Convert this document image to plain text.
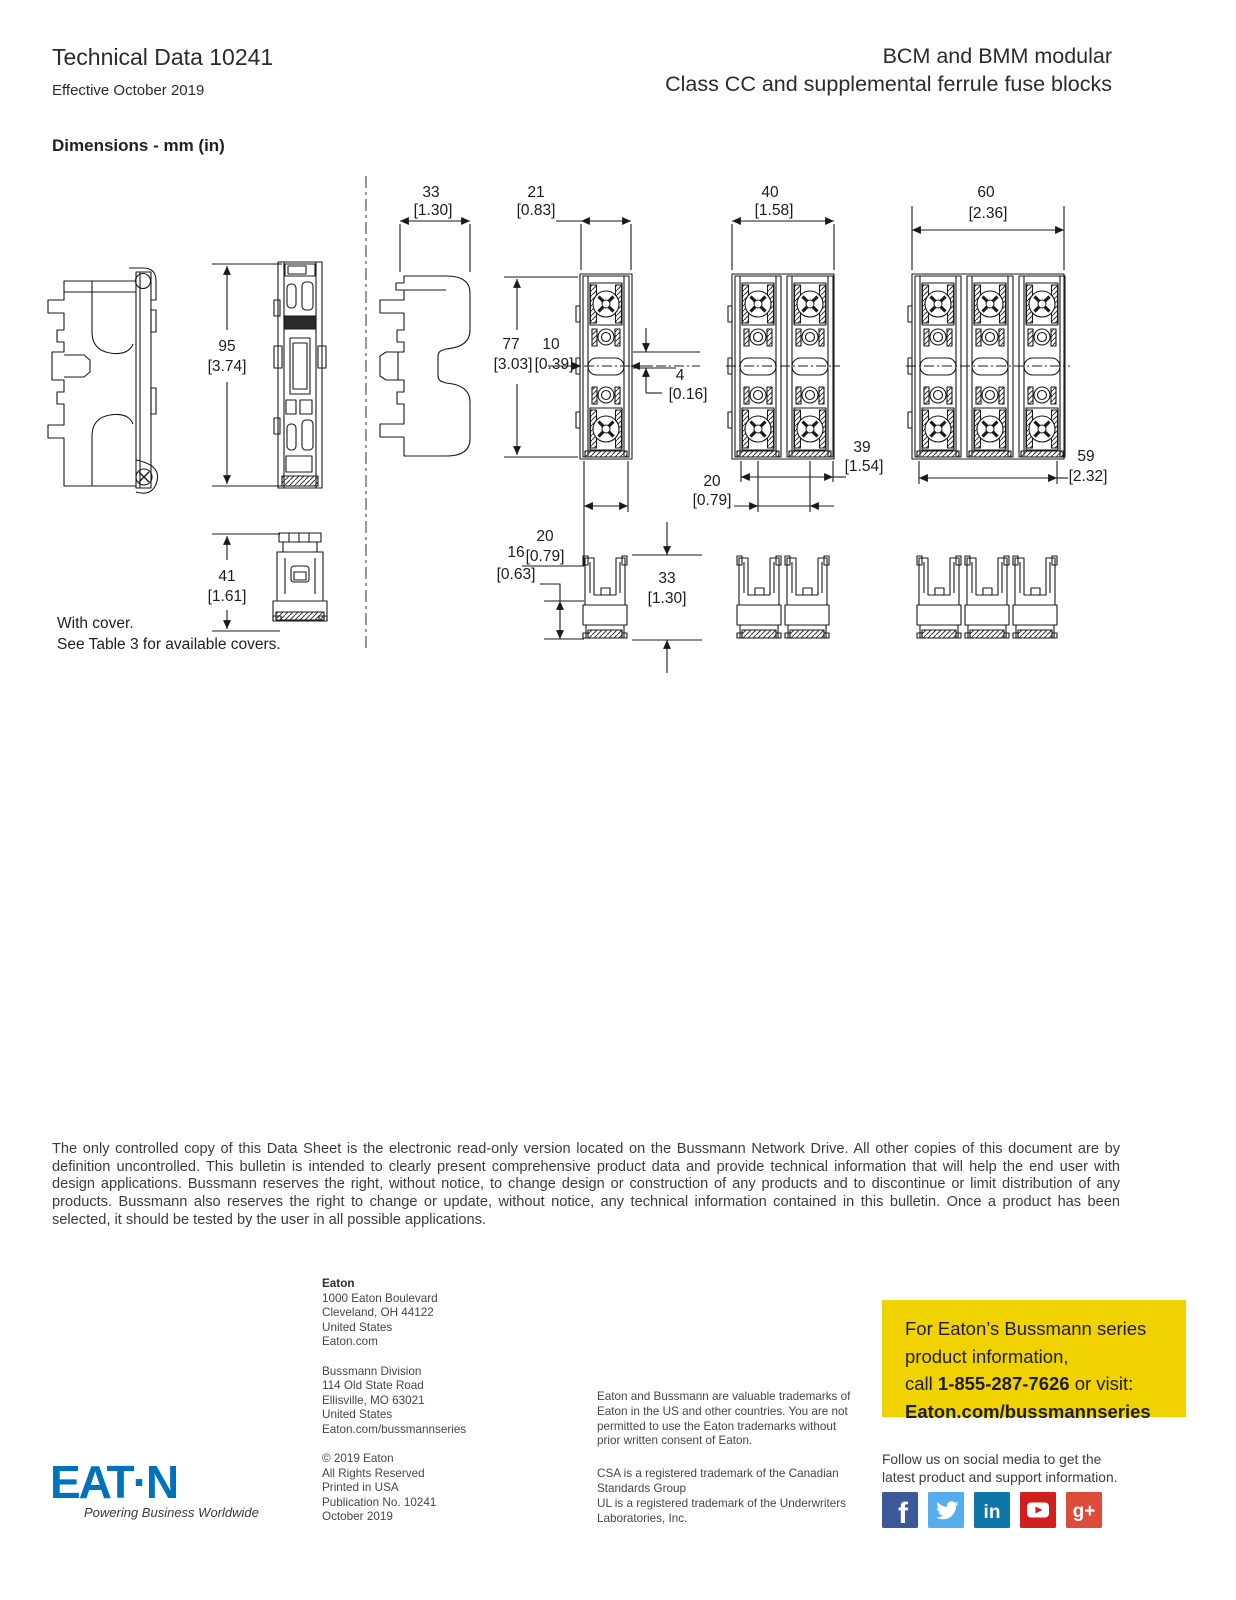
Technical Data 10241
Effective October 2019
BCM and BMM modular
Class CC and supplemental ferrule fuse blocks
Dimensions - mm (in)
95
[3.74]
41
[1.61]
33
[1.30]
21
[0.83]
77
[3.03]
10
[0.39]
4
[0.16]
20
[0.79]
40
[1.58]
20
[0.79]
39
[1.54]
60
[2.36]
59
[2.32]
16
[0.63]	33
[1.30]
With cover.
See Table 3 for available covers.

The only controlled copy of this Data Sheet is the electronic read-only version located on the Bussmann Network Drive. All other copies of this document are by definition uncontrolled. This bulletin is intended to clearly present comprehensive product data and provide technical information that will help the end user with design applications. Bussmann reserves the right, without notice, to change design or construction of any products and to discontinue or limit distribution of any products. Bussmann also reserves the right to change or update, without notice, any technical information contained in this bulletin. Once a product has been selected, it should be tested by the user in all possible applications.

Eaton
1000 Eaton Boulevard
Cleveland, OH 44122
United States
Eaton.com
Bussmann Division
114 Old State Road
Ellisville, MO 63021
United States
Eaton.com/bussmannseries
© 2019 Eaton
All Rights Reserved
Printed in USA
Publication No. 10241
October 2019
Eaton and Bussmann are valuable trademarks of Eaton in the US and other countries. You are not permitted to use the Eaton trademarks without prior written consent of Eaton.
CSA is a registered trademark of the Canadian Standards Group
UL is a registered trademark of the Underwriters Laboratories, Inc.
For Eaton’s Bussmann series
product information,
call 1-855-287-7626 or visit:
Eaton.com/bussmannseries
Follow us on social media to get the
latest product and support information.
f	in	g+
EAT·N
Powering Business Worldwide
